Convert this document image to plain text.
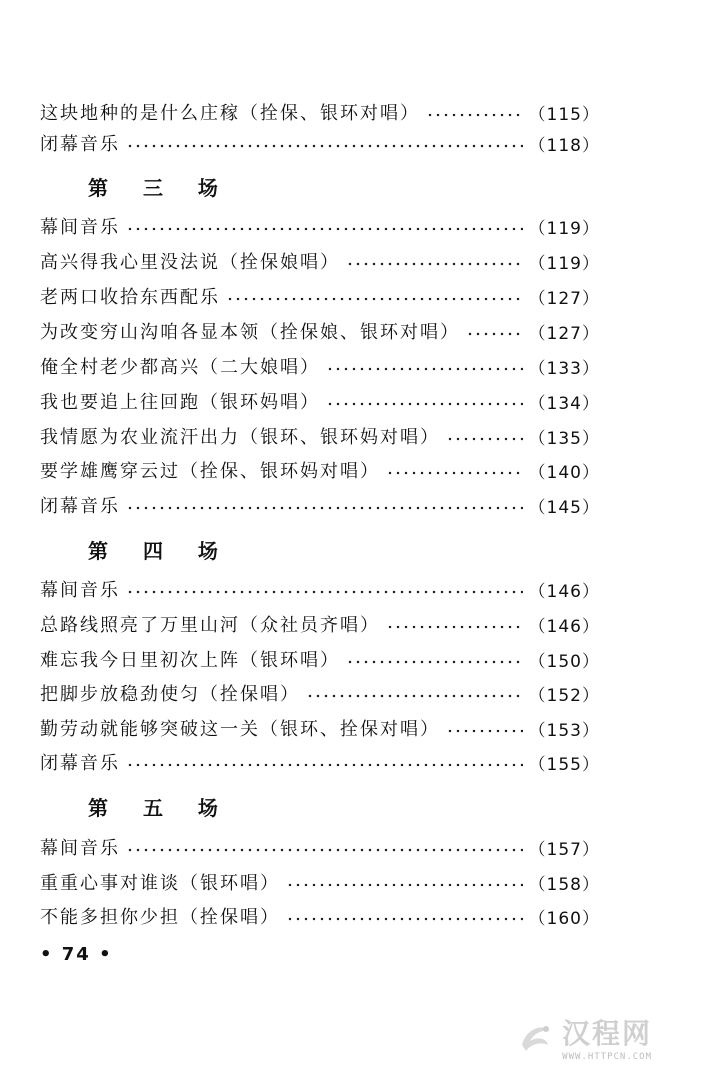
这块地种的是什么庄稼（拴保、银环对唱）	（115）
闭幕音乐	（118）
第 三 场
幕间音乐	（119）
高兴得我心里没法说（拴保娘唱）	（119）
老两口收拾东西配乐	（127）
为改变穷山沟咱各显本领（拴保娘、银环对唱）	（127）
俺全村老少都高兴（二大娘唱）	（133）
我也要追上往回跑（银环妈唱）	（134）
我情愿为农业流汗出力（银环、银环妈对唱）	（135）
要学雄鹰穿云过（拴保、银环妈对唱）	（140）
闭幕音乐	（145）
第 四 场
幕间音乐	（146）
总路线照亮了万里山河（众社员齐唱）	（146）
难忘我今日里初次上阵（银环唱）	（150）
把脚步放稳劲使匀（拴保唱）	（152）
勤劳动就能够突破这一关（银环、拴保对唱）	（153）
闭幕音乐	（155）
第 五 场
幕间音乐	（157）
重重心事对谁谈（银环唱）	（158）
不能多担你少担（拴保唱）	（160）
• 74 •
汉程网
WWW.HTTPCN.COM
